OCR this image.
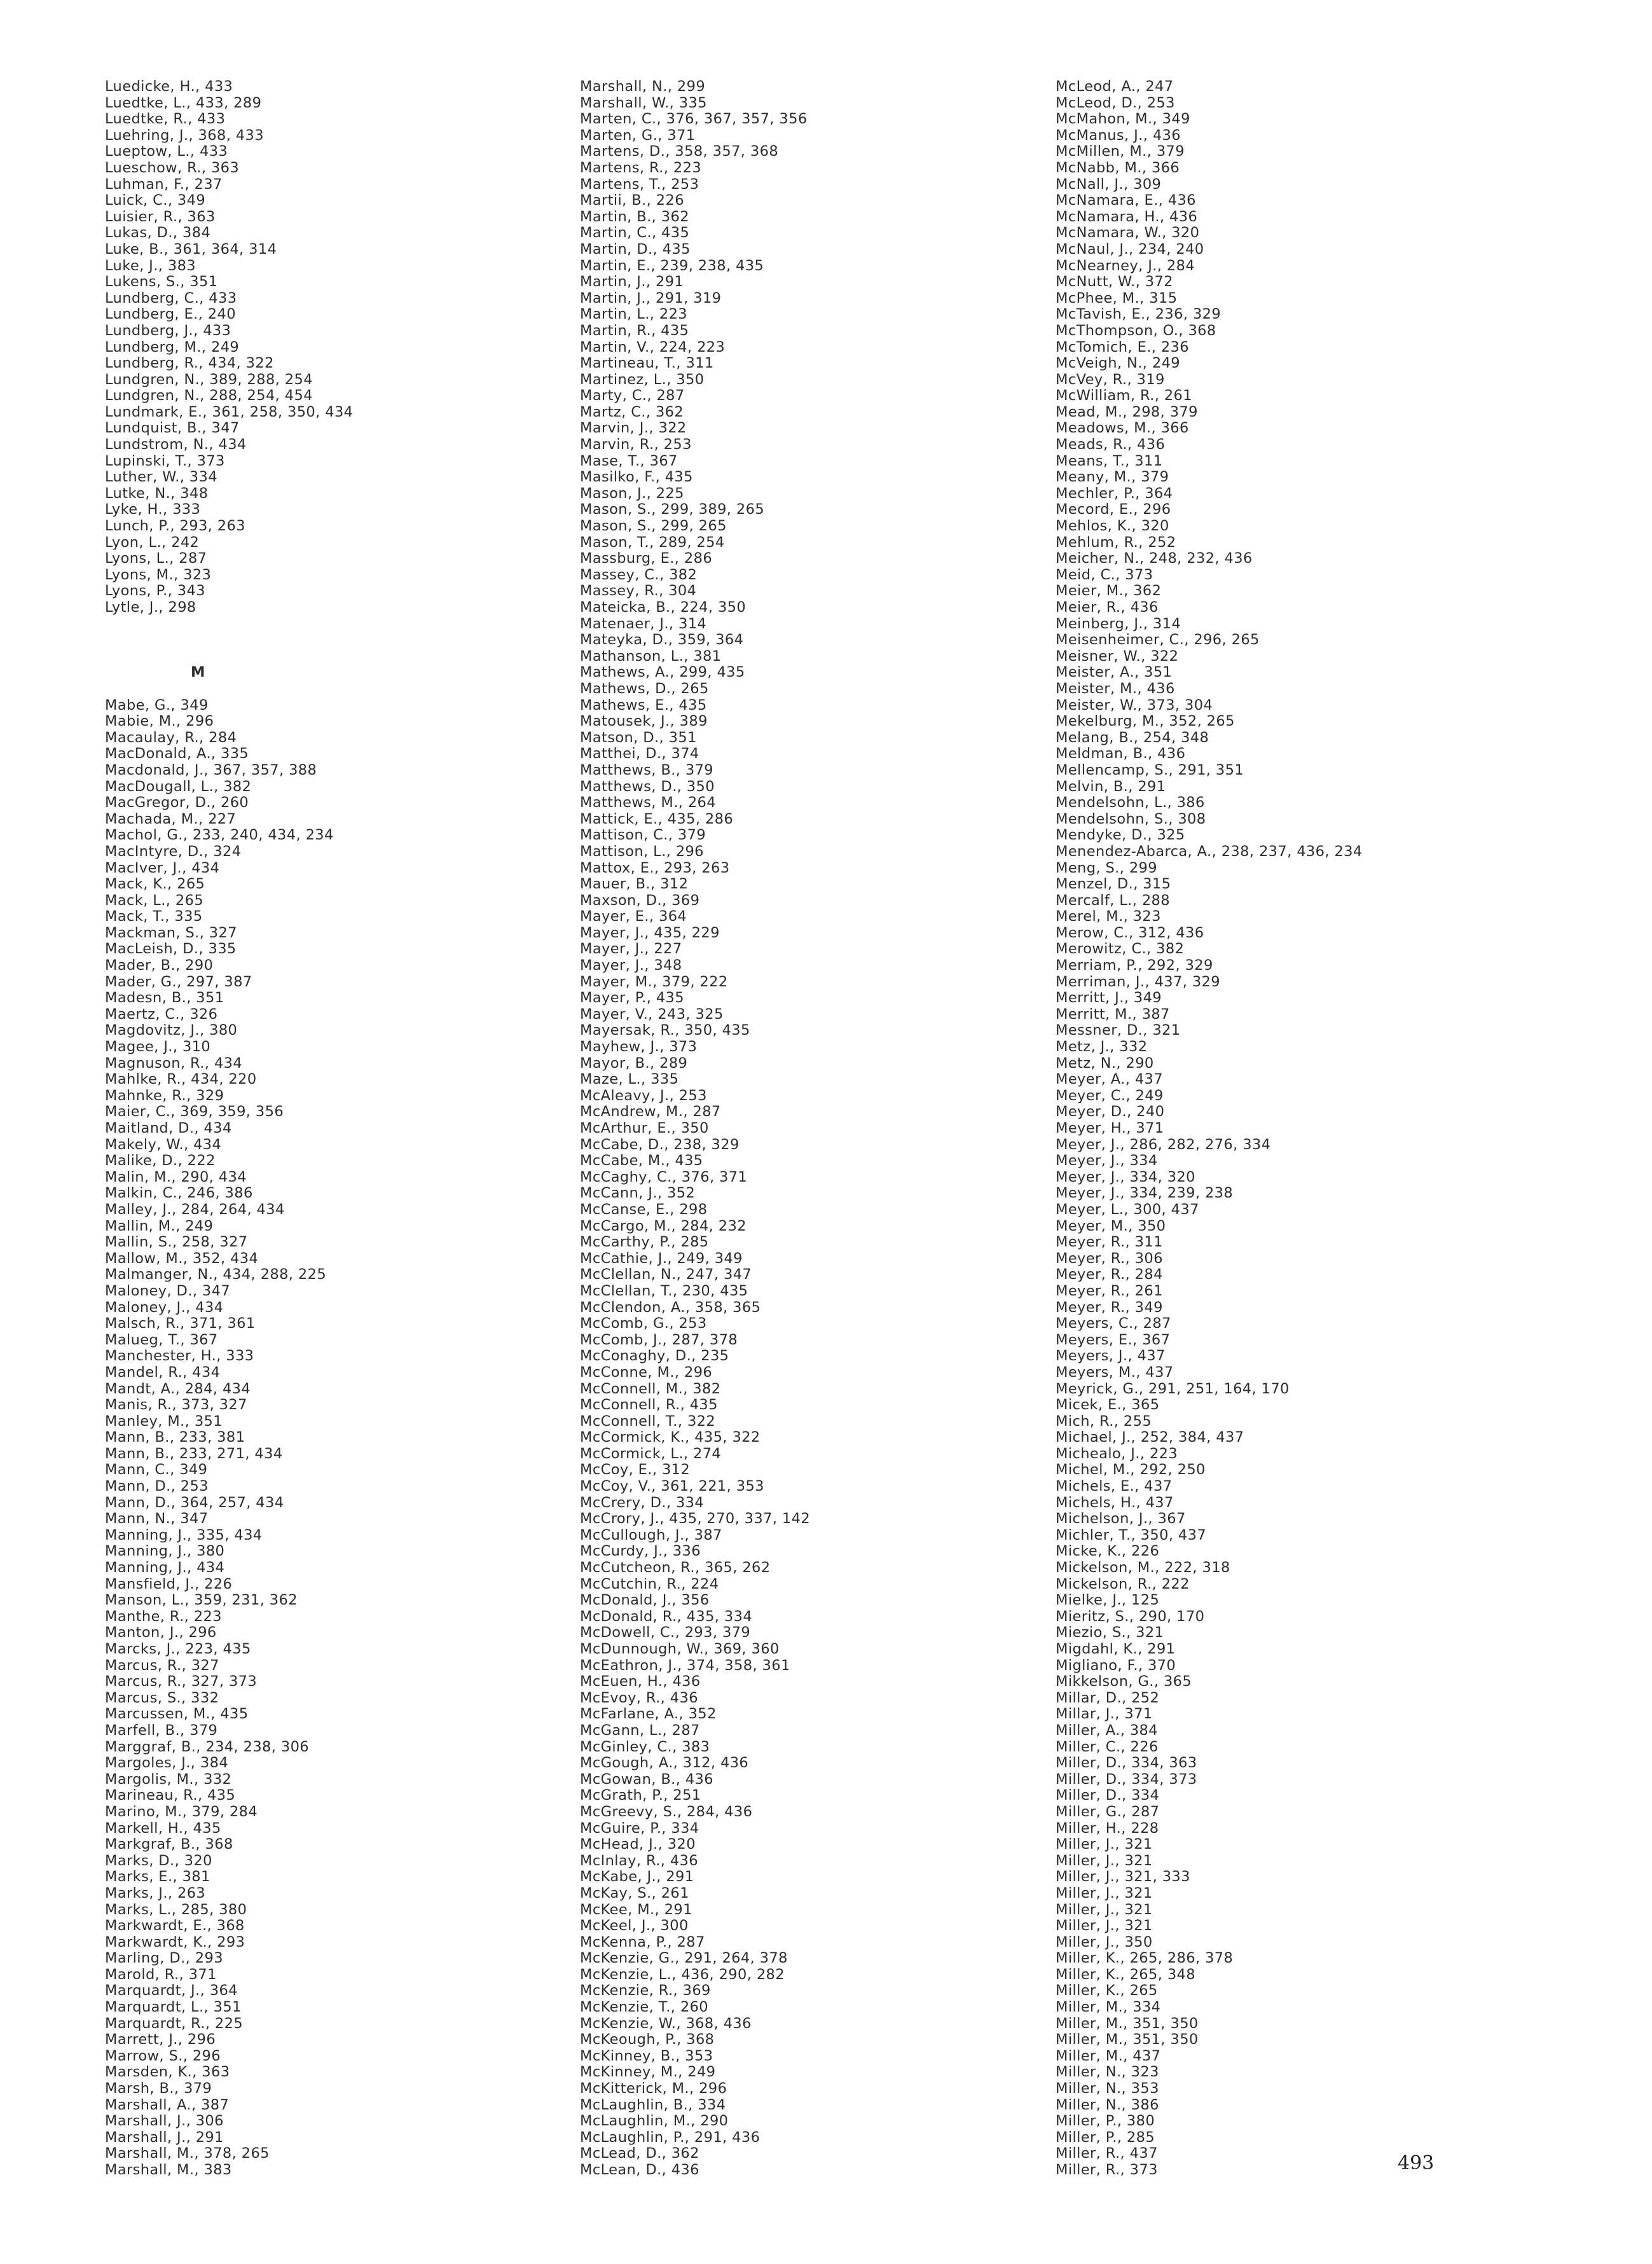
Luedicke, H., 433
Luedtke, L., 433, 289
Luedtke, R., 433
Luehring, J., 368, 433
Lueptow, L., 433
Lueschow, R., 363
Luhman, F., 237
Luick, C., 349
Luisier, R., 363
Lukas, D., 384
Luke, B., 361, 364, 314
Luke, J., 383
Lukens, S., 351
Lundberg, C., 433
Lundberg, E., 240
Lundberg, J., 433
Lundberg, M., 249
Lundberg, R., 434, 322
Lundgren, N., 389, 288, 254
Lundgren, N., 288, 254, 454
Lundmark, E., 361, 258, 350, 434
Lundquist, B., 347
Lundstrom, N., 434
Lupinski, T., 373
Luther, W., 334
Lutke, N., 348
Lyke, H., 333
Lunch, P., 293, 263
Lyon, L., 242
Lyons, L., 287
Lyons, M., 323
Lyons, P., 343
Lytle, J., 298
M
Mabe, G., 349
Mabie, M., 296
Macaulay, R., 284
MacDonald, A., 335
Macdonald, J., 367, 357, 388
MacDougall, L., 382
MacGregor, D., 260
Machada, M., 227
Machol, G., 233, 240, 434, 234
MacIntyre, D., 324
MacIver, J., 434
Mack, K., 265
Mack, L., 265
Mack, T., 335
Mackman, S., 327
MacLeish, D., 335
Mader, B., 290
Mader, G., 297, 387
Madesn, B., 351
Maertz, C., 326
Magdovitz, J., 380
Magee, J., 310
Magnuson, R., 434
Mahlke, R., 434, 220
Mahnke, R., 329
Maier, C., 369, 359, 356
Maitland, D., 434
Makely, W., 434
Malike, D., 222
Malin, M., 290, 434
Malkin, C., 246, 386
Malley, J., 284, 264, 434
Mallin, M., 249
Mallin, S., 258, 327
Mallow, M., 352, 434
Malmanger, N., 434, 288, 225
Maloney, D., 347
Maloney, J., 434
Malsch, R., 371, 361
Malueg, T., 367
Manchester, H., 333
Mandel, R., 434
Mandt, A., 284, 434
Manis, R., 373, 327
Manley, M., 351
Mann, B., 233, 381
Mann, B., 233, 271, 434
Mann, C., 349
Mann, D., 253
Mann, D., 364, 257, 434
Mann, N., 347
Manning, J., 335, 434
Manning, J., 380
Manning, J., 434
Mansfield, J., 226
Manson, L., 359, 231, 362
Manthe, R., 223
Manton, J., 296
Marcks, J., 223, 435
Marcus, R., 327
Marcus, R., 327, 373
Marcus, S., 332
Marcussen, M., 435
Marfell, B., 379
Marggraf, B., 234, 238, 306
Margoles, J., 384
Margolis, M., 332
Marineau, R., 435
Marino, M., 379, 284
Markell, H., 435
Markgraf, B., 368
Marks, D., 320
Marks, E., 381
Marks, J., 263
Marks, L., 285, 380
Markwardt, E., 368
Markwardt, K., 293
Marling, D., 293
Marold, R., 371
Marquardt, J., 364
Marquardt, L., 351
Marquardt, R., 225
Marrett, J., 296
Marrow, S., 296
Marsden, K., 363
Marsh, B., 379
Marshall, A., 387
Marshall, J., 306
Marshall, J., 291
Marshall, M., 378, 265
Marshall, M., 383
Marshall, N., 299
Marshall, W., 335
Marten, C., 376, 367, 357, 356
Marten, G., 371
Martens, D., 358, 357, 368
Martens, R., 223
Martens, T., 253
Martii, B., 226
Martin, B., 362
Martin, C., 435
Martin, D., 435
Martin, E., 239, 238, 435
Martin, J., 291
Martin, J., 291, 319
Martin, L., 223
Martin, R., 435
Martin, V., 224, 223
Martineau, T., 311
Martinez, L., 350
Marty, C., 287
Martz, C., 362
Marvin, J., 322
Marvin, R., 253
Mase, T., 367
Masilko, F., 435
Mason, J., 225
Mason, S., 299, 389, 265
Mason, S., 299, 265
Mason, T., 289, 254
Massburg, E., 286
Massey, C., 382
Massey, R., 304
Mateicka, B., 224, 350
Matenaer, J., 314
Mateyka, D., 359, 364
Mathanson, L., 381
Mathews, A., 299, 435
Mathews, D., 265
Mathews, E., 435
Matousek, J., 389
Matson, D., 351
Matthei, D., 374
Matthews, B., 379
Matthews, D., 350
Matthews, M., 264
Mattick, E., 435, 286
Mattison, C., 379
Mattison, L., 296
Mattox, E., 293, 263
Mauer, B., 312
Maxson, D., 369
Mayer, E., 364
Mayer, J., 435, 229
Mayer, J., 227
Mayer, J., 348
Mayer, M., 379, 222
Mayer, P., 435
Mayer, V., 243, 325
Mayersak, R., 350, 435
Mayhew, J., 373
Mayor, B., 289
Maze, L., 335
McAleavy, J., 253
McAndrew, M., 287
McArthur, E., 350
McCabe, D., 238, 329
McCabe, M., 435
McCaghy, C., 376, 371
McCann, J., 352
McCanse, E., 298
McCargo, M., 284, 232
McCarthy, P., 285
McCathie, J., 249, 349
McClellan, N., 247, 347
McClellan, T., 230, 435
McClendon, A., 358, 365
McComb, G., 253
McComb, J., 287, 378
McConaghy, D., 235
McConne, M., 296
McConnell, M., 382
McConnell, R., 435
McConnell, T., 322
McCormick, K., 435, 322
McCormick, L., 274
McCoy, E., 312
McCoy, V., 361, 221, 353
McCrery, D., 334
McCrory, J., 435, 270, 337, 142
McCullough, J., 387
McCurdy, J., 336
McCutcheon, R., 365, 262
McCutchin, R., 224
McDonald, J., 356
McDonald, R., 435, 334
McDowell, C., 293, 379
McDunnough, W., 369, 360
McEathron, J., 374, 358, 361
McEuen, H., 436
McEvoy, R., 436
McFarlane, A., 352
McGann, L., 287
McGinley, C., 383
McGough, A., 312, 436
McGowan, B., 436
McGrath, P., 251
McGreevy, S., 284, 436
McGuire, P., 334
McHead, J., 320
McInlay, R., 436
McKabe, J., 291
McKay, S., 261
McKee, M., 291
McKeel, J., 300
McKenna, P., 287
McKenzie, G., 291, 264, 378
McKenzie, L., 436, 290, 282
McKenzie, R., 369
McKenzie, T., 260
McKenzie, W., 368, 436
McKeough, P., 368
McKinney, B., 353
McKinney, M., 249
McKitterick, M., 296
McLaughlin, B., 334
McLaughlin, M., 290
McLaughlin, P., 291, 436
McLead, D., 362
McLean, D., 436
McLeod, A., 247
McLeod, D., 253
McMahon, M., 349
McManus, J., 436
McMillen, M., 379
McNabb, M., 366
McNall, J., 309
McNamara, E., 436
McNamara, H., 436
McNamara, W., 320
McNaul, J., 234, 240
McNearney, J., 284
McNutt, W., 372
McPhee, M., 315
McTavish, E., 236, 329
McThompson, O., 368
McTomich, E., 236
McVeigh, N., 249
McVey, R., 319
McWilliam, R., 261
Mead, M., 298, 379
Meadows, M., 366
Meads, R., 436
Means, T., 311
Meany, M., 379
Mechler, P., 364
Mecord, E., 296
Mehlos, K., 320
Mehlum, R., 252
Meicher, N., 248, 232, 436
Meid, C., 373
Meier, M., 362
Meier, R., 436
Meinberg, J., 314
Meisenheimer, C., 296, 265
Meisner, W., 322
Meister, A., 351
Meister, M., 436
Meister, W., 373, 304
Mekelburg, M., 352, 265
Melang, B., 254, 348
Meldman, B., 436
Mellencamp, S., 291, 351
Melvin, B., 291
Mendelsohn, L., 386
Mendelsohn, S., 308
Mendyke, D., 325
Menendez-Abarca, A., 238, 237, 436, 234
Meng, S., 299
Menzel, D., 315
Mercalf, L., 288
Merel, M., 323
Merow, C., 312, 436
Merowitz, C., 382
Merriam, P., 292, 329
Merriman, J., 437, 329
Merritt, J., 349
Merritt, M., 387
Messner, D., 321
Metz, J., 332
Metz, N., 290
Meyer, A., 437
Meyer, C., 249
Meyer, D., 240
Meyer, H., 371
Meyer, J., 286, 282, 276, 334
Meyer, J., 334
Meyer, J., 334, 320
Meyer, J., 334, 239, 238
Meyer, L., 300, 437
Meyer, M., 350
Meyer, R., 311
Meyer, R., 306
Meyer, R., 284
Meyer, R., 261
Meyer, R., 349
Meyers, C., 287
Meyers, E., 367
Meyers, J., 437
Meyers, M., 437
Meyrick, G., 291, 251, 164, 170
Micek, E., 365
Mich, R., 255
Michael, J., 252, 384, 437
Michealo, J., 223
Michel, M., 292, 250
Michels, E., 437
Michels, H., 437
Michelson, J., 367
Michler, T., 350, 437
Micke, K., 226
Mickelson, M., 222, 318
Mickelson, R., 222
Mielke, J., 125
Mieritz, S., 290, 170
Miezio, S., 321
Migdahl, K., 291
Migliano, F., 370
Mikkelson, G., 365
Millar, D., 252
Millar, J., 371
Miller, A., 384
Miller, C., 226
Miller, D., 334, 363
Miller, D., 334, 373
Miller, D., 334
Miller, G., 287
Miller, H., 228
Miller, J., 321
Miller, J., 321
Miller, J., 321, 333
Miller, J., 321
Miller, J., 321
Miller, J., 321
Miller, J., 350
Miller, K., 265, 286, 378
Miller, K., 265, 348
Miller, K., 265
Miller, M., 334
Miller, M., 351, 350
Miller, M., 351, 350
Miller, M., 437
Miller, N., 323
Miller, N., 353
Miller, N., 386
Miller, P., 380
Miller, P., 285
Miller, R., 437
Miller, R., 373	493
